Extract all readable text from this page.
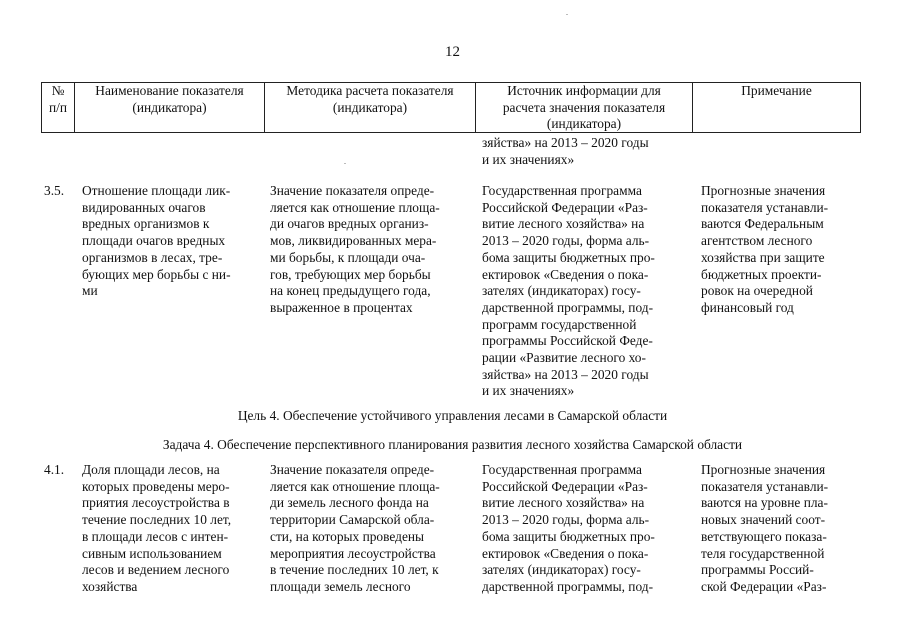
12
№
п/п
Наименование показателя
(индикатора)
Методика расчета показателя
(индикатора)
Источник информации для
расчета значения показателя
(индикатора)
Примечание
зяйства» на 2013 – 2020 годы
и их значениях»
3.5.	Отношение площади лик-
видированных очагов
вредных организмов к
площади очагов вредных
организмов в лесах, тре-
бующих мер борьбы с ни-
ми
Значение показателя опреде-
ляется как отношение площа-
ди очагов вредных организ-
мов, ликвидированных мера-
ми борьбы, к площади оча-
гов, требующих мер борьбы
на конец предыдущего года,
выраженное в процентах
Государственная программа
Российской Федерации «Раз-
витие лесного хозяйства» на
2013 – 2020 годы, форма аль-
бома защиты бюджетных про-
ектировок «Сведения о пока-
зателях (индикаторах) госу-
дарственной программы, под-
программ государственной
программы Российской Феде-
рации «Развитие лесного хо-
зяйства» на 2013 – 2020 годы
и их значениях»
Прогнозные значения
показателя устанавли-
ваются Федеральным
агентством лесного
хозяйства при защите
бюджетных проекти-
ровок на очередной
финансовый год
Цель 4. Обеспечение устойчивого управления лесами в Самарской области
Задача 4. Обеспечение перспективного планирования развития лесного хозяйства Самарской области
4.1.	Доля площади лесов, на
которых проведены меро-
приятия лесоустройства в
течение последних 10 лет,
в площади лесов с интен-
сивным использованием
лесов и ведением лесного
хозяйства
Значение показателя опреде-
ляется как отношение площа-
ди земель лесного фонда на
территории Самарской обла-
сти, на которых проведены
мероприятия лесоустройства
в течение последних 10 лет, к
площади земель лесного
Государственная программа
Российской Федерации «Раз-
витие лесного хозяйства» на
2013 – 2020 годы, форма аль-
бома защиты бюджетных про-
ектировок «Сведения о пока-
зателях (индикаторах) госу-
дарственной программы, под-
Прогнозные значения
показателя устанавли-
ваются на уровне пла-
новых значений соот-
ветствующего показа-
теля государственной
программы Россий-
ской Федерации «Раз-
